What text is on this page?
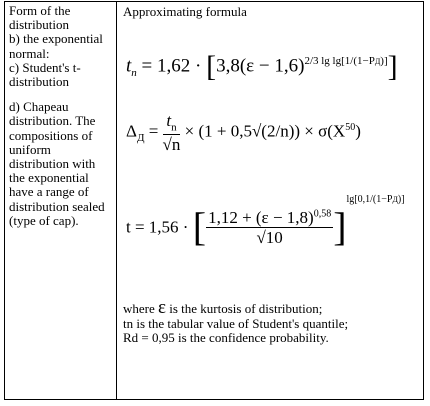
Form of the distribution

b) the exponential normal:

c) Student's t-distribution

d) Chapeau distribution. The compositions of uniform distribution with the exponential have a range of distribution sealed (type of cap).

Approximating formula
$t_n = 1,62 \cdot [3,8(\varepsilon - 1,6)^{2/3 lg lg[1/(1-PД)]}]$
$\Delta_Д = \frac{t_n}{√n} \times (1 + 0,5√(2/n)) \times \sigma(X^{50})$
t = 1,56 · [ $\frac{1,12 + (\varepsilon - 1,8)^{0,58}}{√10} ]^{lg[0,1/(1-PД)]}$

where ε is the kurtosis of distribution;

tn is the tabular value of Student's quantile;

Rd = 0,95 is the confidence probability.
